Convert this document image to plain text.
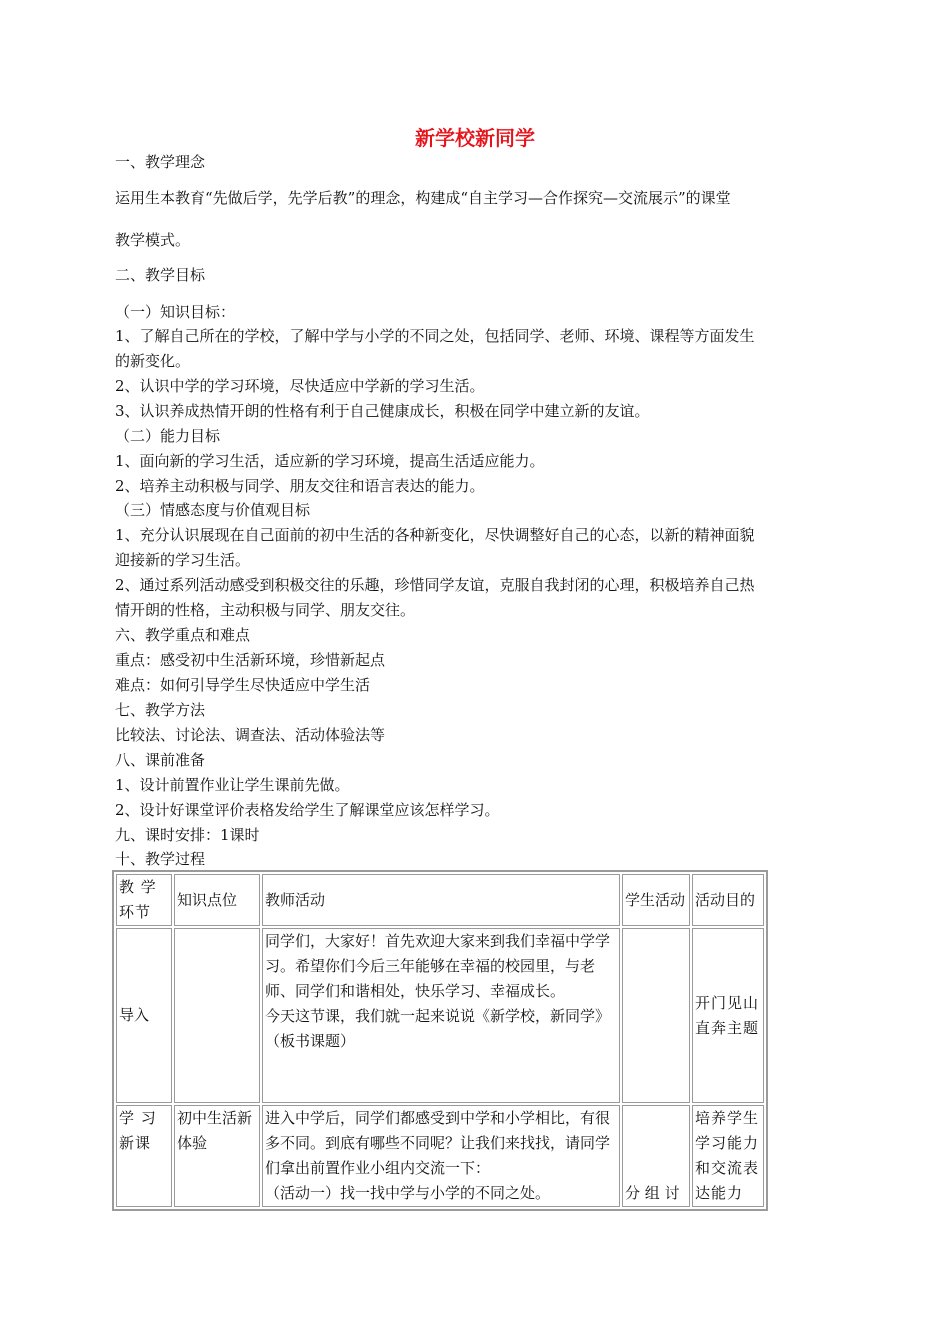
新学校新同学
一、教学理念
运用生本教育“先做后学，先学后教”的理念，构建成“自主学习—合作探究—交流展示”的课堂
教学模式。
二、教学目标
（一）知识目标：
1、了解自己所在的学校，了解中学与小学的不同之处，包括同学、老师、环境、课程等方面发生
的新变化。
2、认识中学的学习环境，尽快适应中学新的学习生活。
3、认识养成热情开朗的性格有利于自己健康成长，积极在同学中建立新的友谊。
（二）能力目标
1、面向新的学习生活，适应新的学习环境，提高生活适应能力。
2、培养主动积极与同学、朋友交往和语言表达的能力。
（三）情感态度与价值观目标
1、充分认识展现在自己面前的初中生活的各种新变化，尽快调整好自己的心态，以新的精神面貌
迎接新的学习生活。
2、通过系列活动感受到积极交往的乐趣，珍惜同学友谊，克服自我封闭的心理，积极培养自己热
情开朗的性格，主动积极与同学、朋友交往。
六、教学重点和难点
重点：感受初中生活新环境，珍惜新起点
难点：如何引导学生尽快适应中学生活
七、教学方法
比较法、讨论法、调查法、活动体验法等
八、课前准备
1、设计前置作业让学生课前先做。
2、设计好课堂评价表格发给学生了解课堂应该怎样学习。
九、课时安排：1课时
十、教学过程
教 学 环节	知识点位	教师活动	学生活动	活动目的
导入		同学们，大家好！首先欢迎大家来到我们幸福中学学习。希望你们今后三年能够在幸福的校园里，与老师、同学们和谐相处，快乐学习、幸福成长。
今天这节课，我们就一起来说说《新学校，新同学》（板书课题）		开门见山直奔主题
学 习 新课	初中生活新体验	进入中学后，同学们都感受到中学和小学相比，有很多不同。到底有哪些不同呢？让我们来找找，请同学们拿出前置作业小组内交流一下：
（活动一）找一找中学与小学的不同之处。	分 组 讨	培养学生学习能力和交流表达能力
